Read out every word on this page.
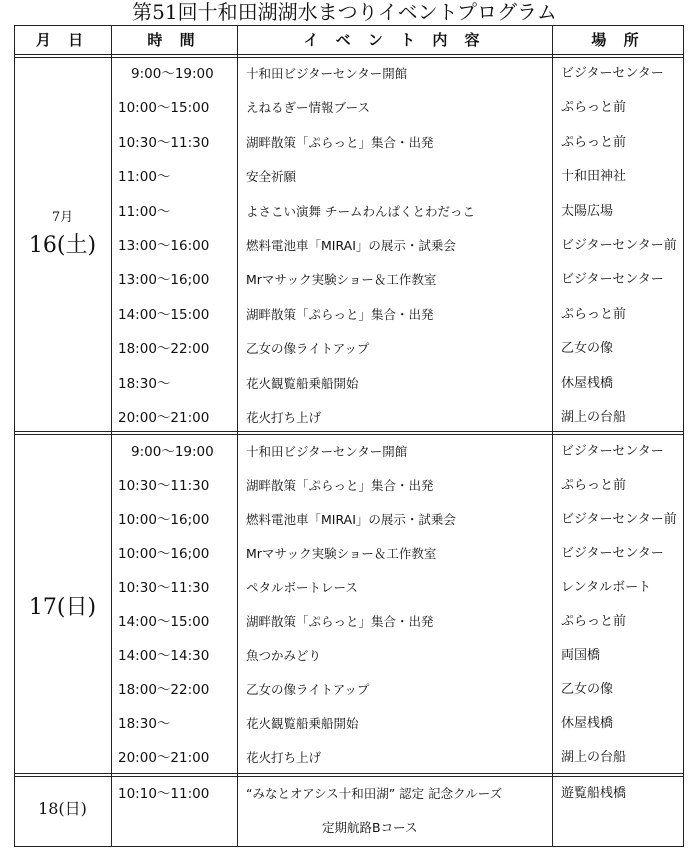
第51回十和田湖湖水まつりイベントプログラム
月 日	時 間	イ ベ ン ト 内 容	場 所
7月
16(土)
9:00〜19:00	十和田ビジターセンター開館	ビジターセンター
10:00〜15:00	えねるぎー情報ブース	ぷらっと前
10:30〜11:30	湖畔散策「ぷらっと」集合・出発	ぷらっと前
11:00〜	安全祈願	十和田神社
11:00〜	よさこい演舞 チームわんぱくとわだっこ	太陽広場
13:00〜16:00	燃料電池車「MIRAI」の展示・試乗会	ビジターセンター前
13:00〜16;00	Mrマサック実験ショー＆工作教室	ビジターセンター
14:00〜15:00	湖畔散策「ぷらっと」集合・出発	ぷらっと前
18:00〜22:00	乙女の像ライトアップ	乙女の像
18:30〜	花火観覧船乗船開始	休屋桟橋
20:00〜21:00	花火打ち上げ	湖上の台船
17(日)
9:00〜19:00	十和田ビジターセンター開館	ビジターセンター
10:30〜11:30	湖畔散策「ぷらっと」集合・出発	ぷらっと前
10:00〜16;00	燃料電池車「MIRAI」の展示・試乗会	ビジターセンター前
10:00〜16;00	Mrマサック実験ショー＆工作教室	ビジターセンター
10:30〜11:30	ペタルボートレース	レンタルボート
14:00〜15:00	湖畔散策「ぷらっと」集合・出発	ぷらっと前
14:00〜14:30	魚つかみどり	両国橋
18:00〜22:00	乙女の像ライトアップ	乙女の像
18:30〜	花火観覧船乗船開始	休屋桟橋
20:00〜21:00	花火打ち上げ	湖上の台船
18(日)
10:10〜11:00	“みなとオアシス十和田湖” 認定 記念クルーズ	遊覧船桟橋
定期航路Bコース
